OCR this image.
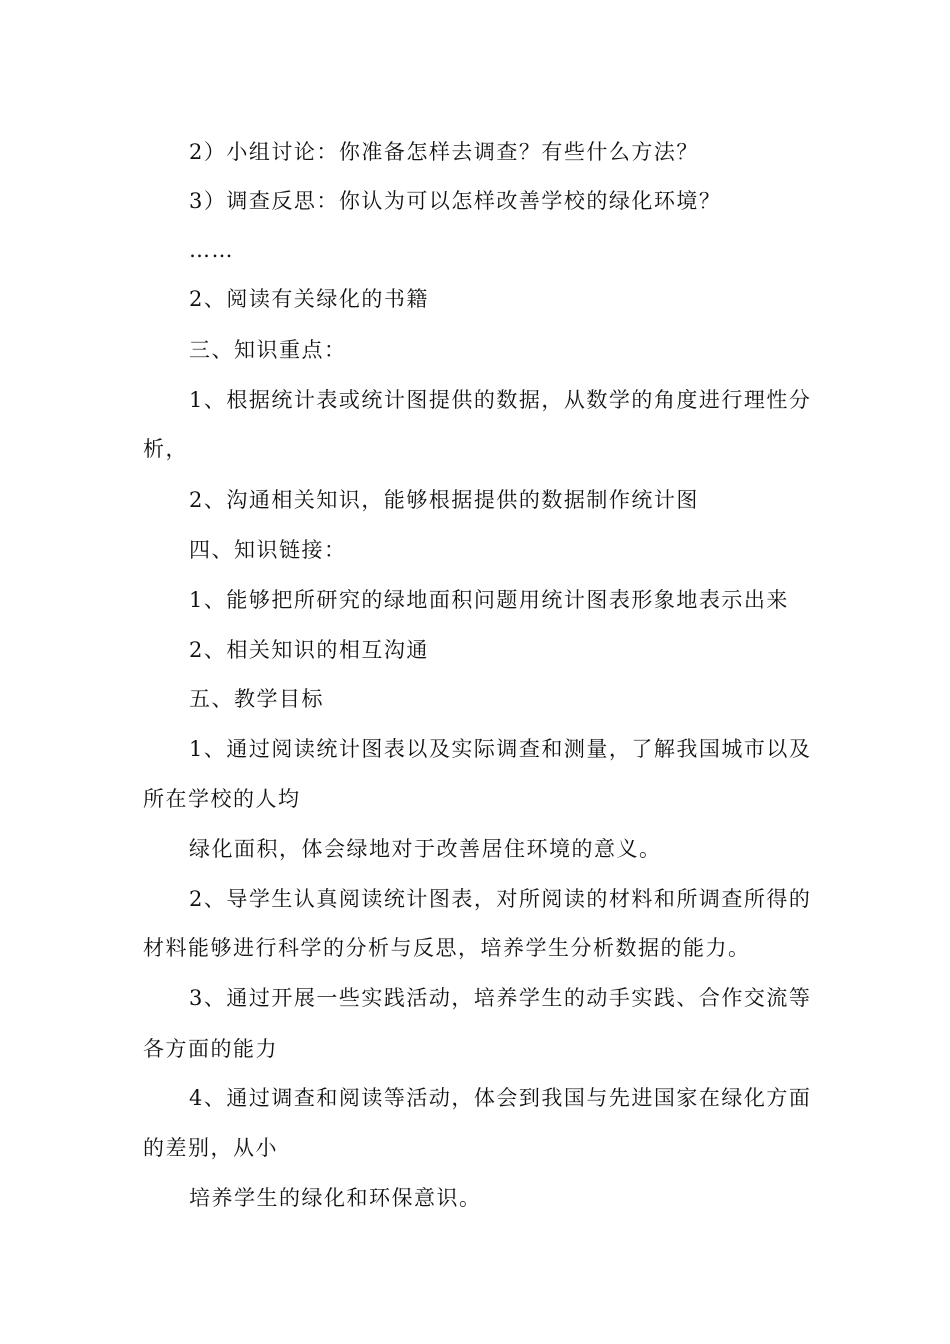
2）小组讨论：你准备怎样去调查？有些什么方法？
3）调查反思：你认为可以怎样改善学校的绿化环境？
……
2、阅读有关绿化的书籍
三、知识重点：
1、根据统计表或统计图提供的数据，从数学的角度进行理性分
析，
2、沟通相关知识，能够根据提供的数据制作统计图
四、知识链接：
1、能够把所研究的绿地面积问题用统计图表形象地表示出来
2、相关知识的相互沟通
五、教学目标
1、通过阅读统计图表以及实际调查和测量，了解我国城市以及
所在学校的人均
绿化面积，体会绿地对于改善居住环境的意义。
2、导学生认真阅读统计图表，对所阅读的材料和所调查所得的
材料能够进行科学的分析与反思，培养学生分析数据的能力。
3、通过开展一些实践活动，培养学生的动手实践、合作交流等
各方面的能力
4、通过调查和阅读等活动，体会到我国与先进国家在绿化方面
的差别，从小
培养学生的绿化和环保意识。
